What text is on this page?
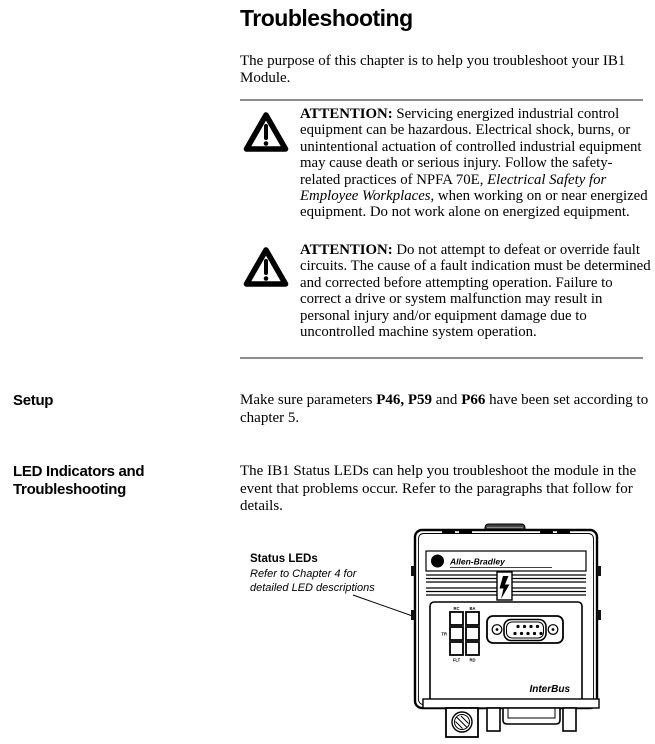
Troubleshooting
The purpose of this chapter is to help you troubleshoot your IB1 Module.
ATTENTION: Servicing energized industrial control equipment can be hazardous. Electrical shock, burns, or unintentional actuation of controlled industrial equipment may cause death or serious injury. Follow the safety-related practices of NPFA 70E, Electrical Safety for Employee Workplaces, when working on or near energized equipment. Do not work alone on energized equipment.
ATTENTION: Do not attempt to defeat or override fault circuits. The cause of a fault indication must be determined and corrected before attempting operation. Failure to correct a drive or system malfunction may result in personal injury and/or equipment damage due to uncontrolled machine system operation.
Setup	Make sure parameters P46, P59 and P66 have been set according to chapter 5.
LED Indicators and
Troubleshooting
The IB1 Status LEDs can help you troubleshoot the module in the event that problems occur. Refer to the paragraphs that follow for details.
Status LEDs
Refer to Chapter 4 for
detailed LED descriptions
Allen-Bradley
RC BA
TR
FLT RD
InterBus
